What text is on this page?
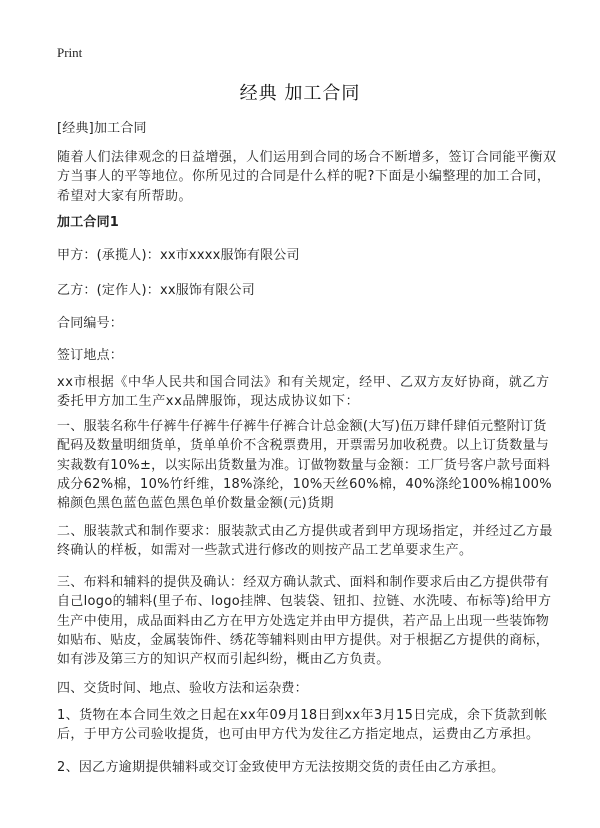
Print
经典 加工合同

[经典]加工合同

随着人们法律观念的日益增强，人们运用到合同的场合不断增多，签订合同能平衡双方当事人的平等地位。你所见过的合同是什么样的呢?下面是小编整理的加工合同，希望对大家有所帮助。

加工合同1

甲方：(承揽人)：xx市xxxx服饰有限公司

乙方：(定作人)：xx服饰有限公司

合同编号：

签订地点：

xx市根据《中华人民共和国合同法》和有关规定，经甲、乙双方友好协商，就乙方委托甲方加工生产xx品牌服饰，现达成协议如下：

一、服装名称牛仔裤牛仔裤牛仔裤牛仔裤合计总金额(大写)伍万肆仟肆佰元整附订货配码及数量明细货单，货单单价不含税票费用，开票需另加收税费。以上订货数量与实裁数有10%±，以实际出货数量为准。订做物数量与金额：工厂货号客户款号面料成分62%棉，10%竹纤维，18%涤纶，10%天丝60%棉，40%涤纶100%棉100%棉颜色黑色蓝色蓝色黑色单价数量金额(元)货期

二、服装款式和制作要求：服装款式由乙方提供或者到甲方现场指定，并经过乙方最终确认的样板，如需对一些款式进行修改的则按产品工艺单要求生产。

三、布料和辅料的提供及确认：经双方确认款式、面料和制作要求后由乙方提供带有自己logo的辅料(里子布、logo挂牌、包装袋、钮扣、拉链、水洗唛、布标等)给甲方生产中使用，成品面料由乙方在甲方处选定并由甲方提供，若产品上出现一些装饰物如贴布、贴皮，金属装饰件、绣花等辅料则由甲方提供。对于根据乙方提供的商标，如有涉及第三方的知识产权而引起纠纷，概由乙方负责。

四、交货时间、地点、验收方法和运杂费：

1、货物在本合同生效之日起在xx年09月18日到xx年3月15日完成，余下货款到帐后，于甲方公司验收提货，也可由甲方代为发往乙方指定地点，运费由乙方承担。

2、因乙方逾期提供辅料或交订金致使甲方无法按期交货的责任由乙方承担。
